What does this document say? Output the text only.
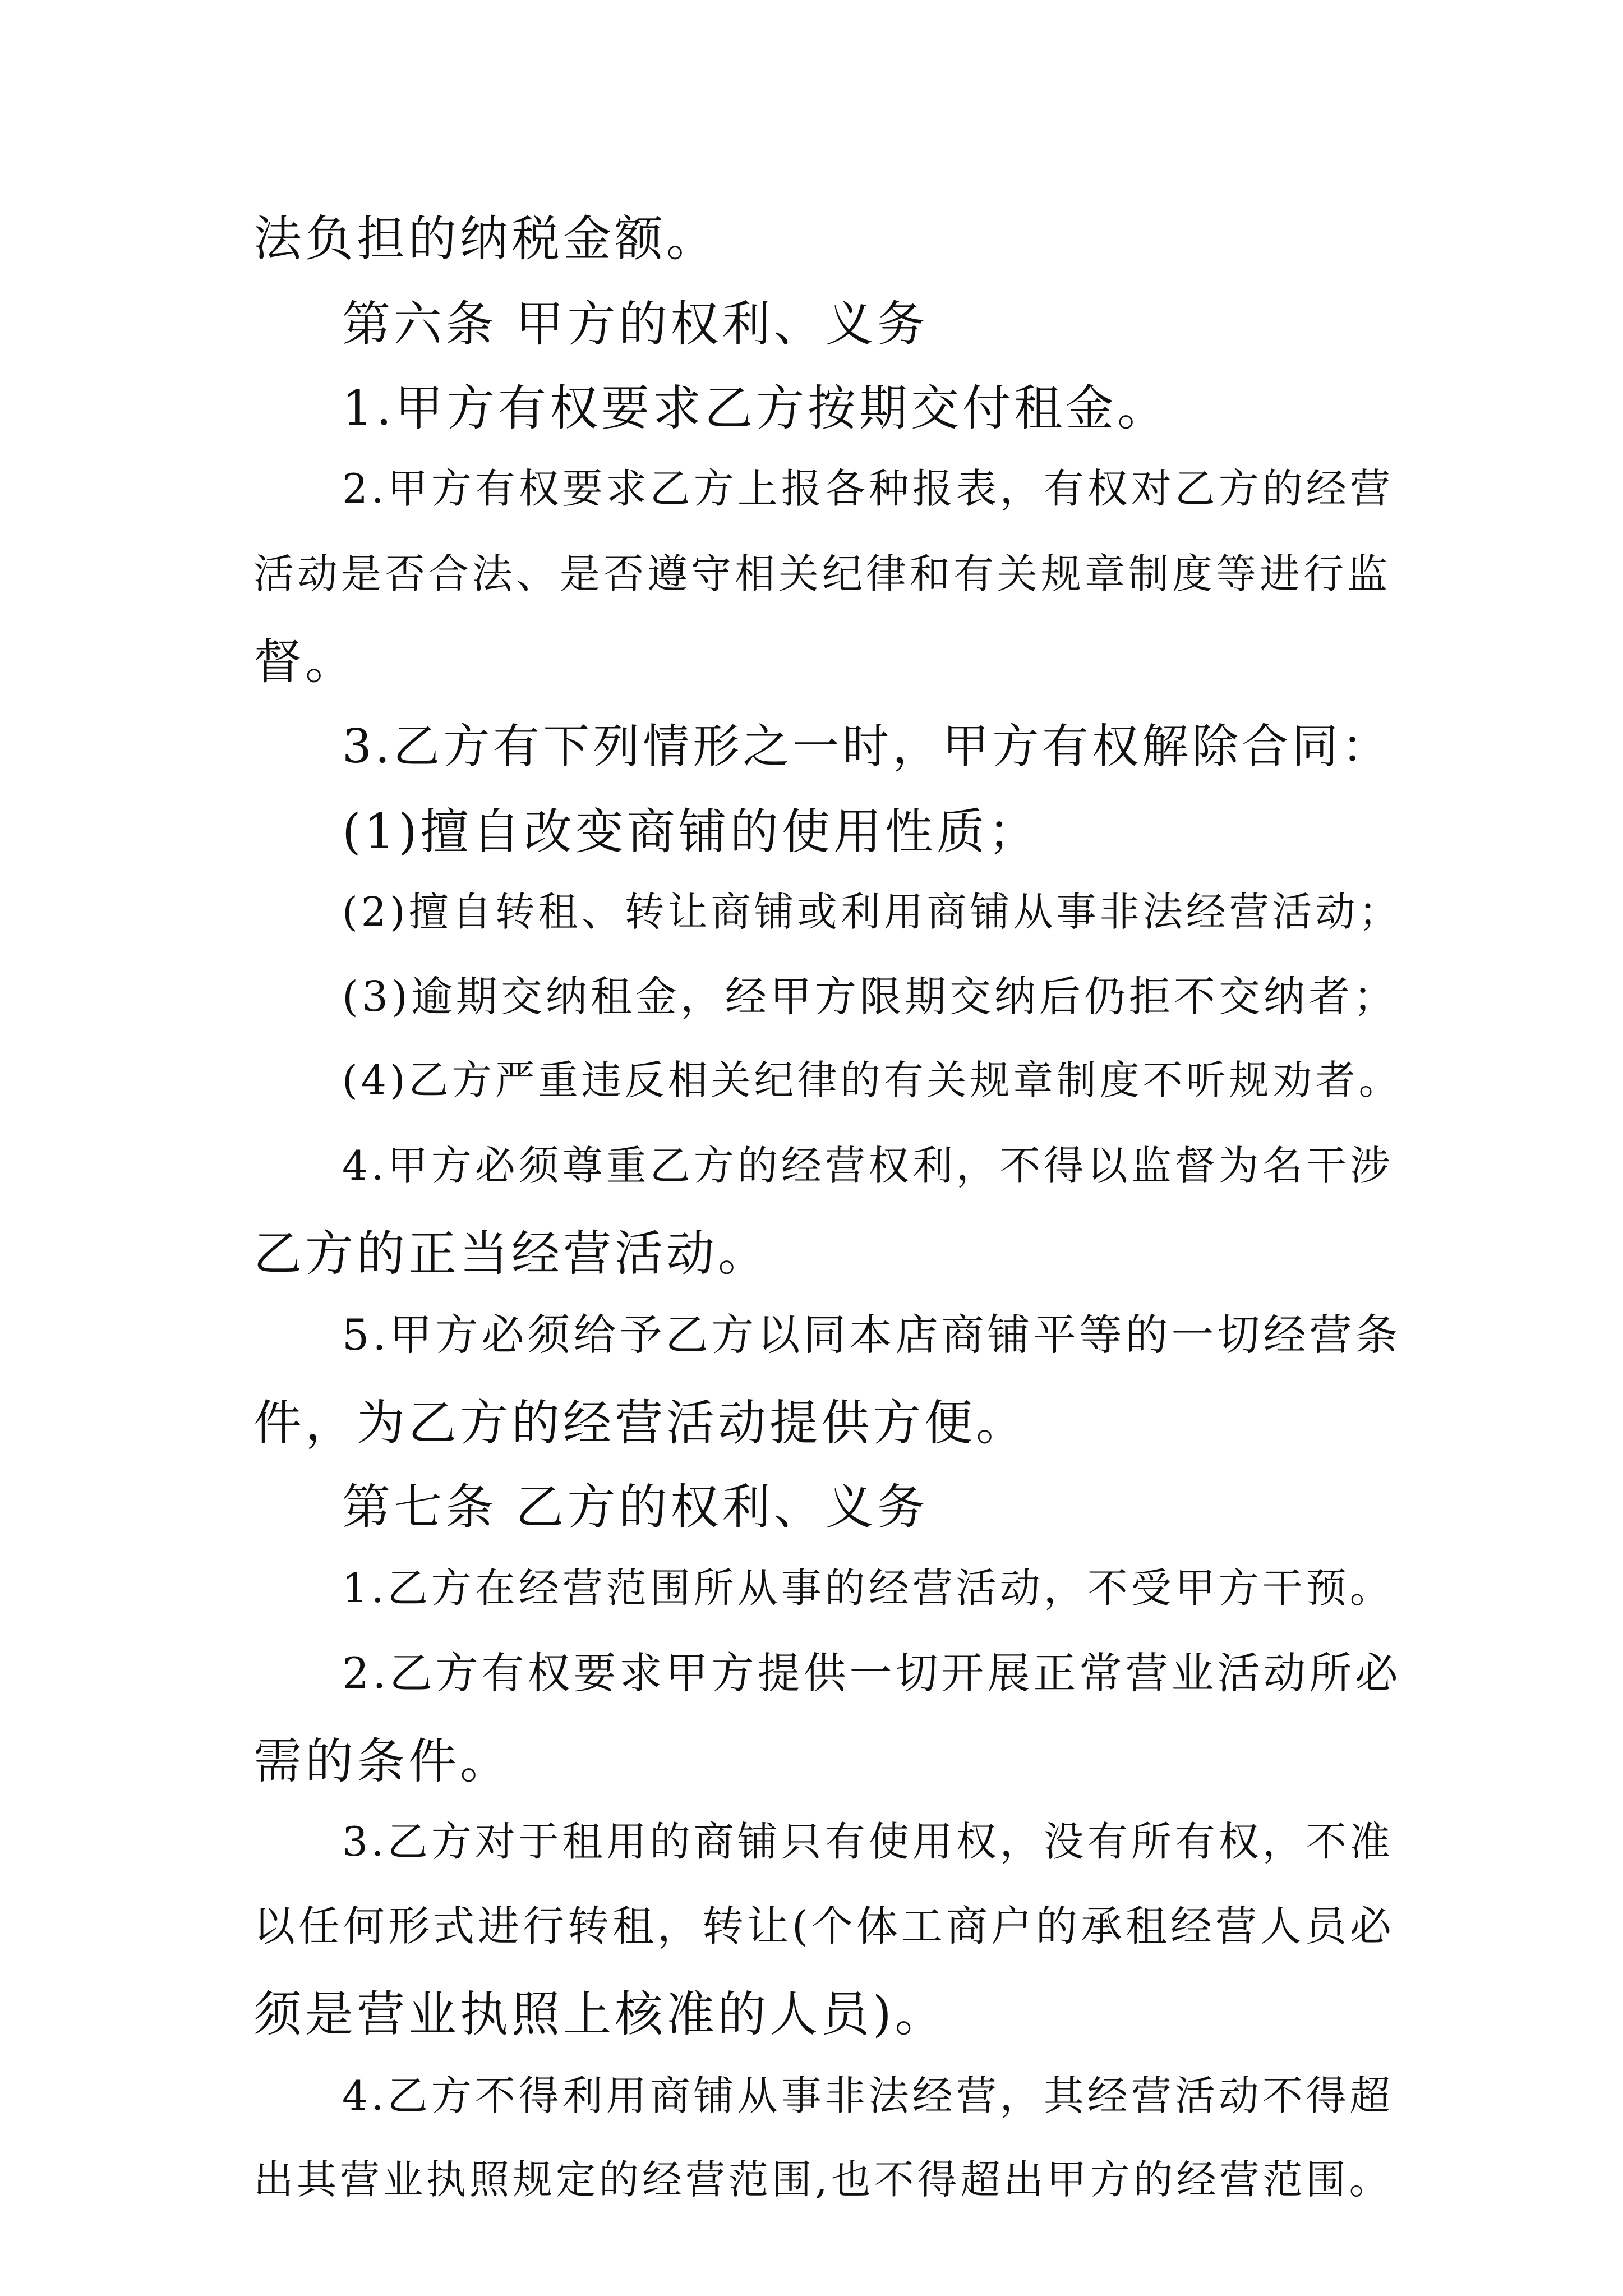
法负担的纳税金额。
第六条 甲方的权利、义务
1.甲方有权要求乙方按期交付租金。
2.甲方有权要求乙方上报各种报表，有权对乙方的经营
活动是否合法、是否遵守相关纪律和有关规章制度等进行监
督。
3.乙方有下列情形之一时，甲方有权解除合同：
(1)擅自改变商铺的使用性质；
(2)擅自转租、转让商铺或利用商铺从事非法经营活动；
(3)逾期交纳租金，经甲方限期交纳后仍拒不交纳者；
(4)乙方严重违反相关纪律的有关规章制度不听规劝者。
4.甲方必须尊重乙方的经营权利，不得以监督为名干涉
乙方的正当经营活动。
5.甲方必须给予乙方以同本店商铺平等的一切经营条
件，为乙方的经营活动提供方便。
第七条 乙方的权利、义务
1.乙方在经营范围所从事的经营活动，不受甲方干预。
2.乙方有权要求甲方提供一切开展正常营业活动所必
需的条件。
3.乙方对于租用的商铺只有使用权，没有所有权，不准
以任何形式进行转租，转让(个体工商户的承租经营人员必
须是营业执照上核准的人员)。
4.乙方不得利用商铺从事非法经营，其经营活动不得超
出其营业执照规定的经营范围,也不得超出甲方的经营范围。
